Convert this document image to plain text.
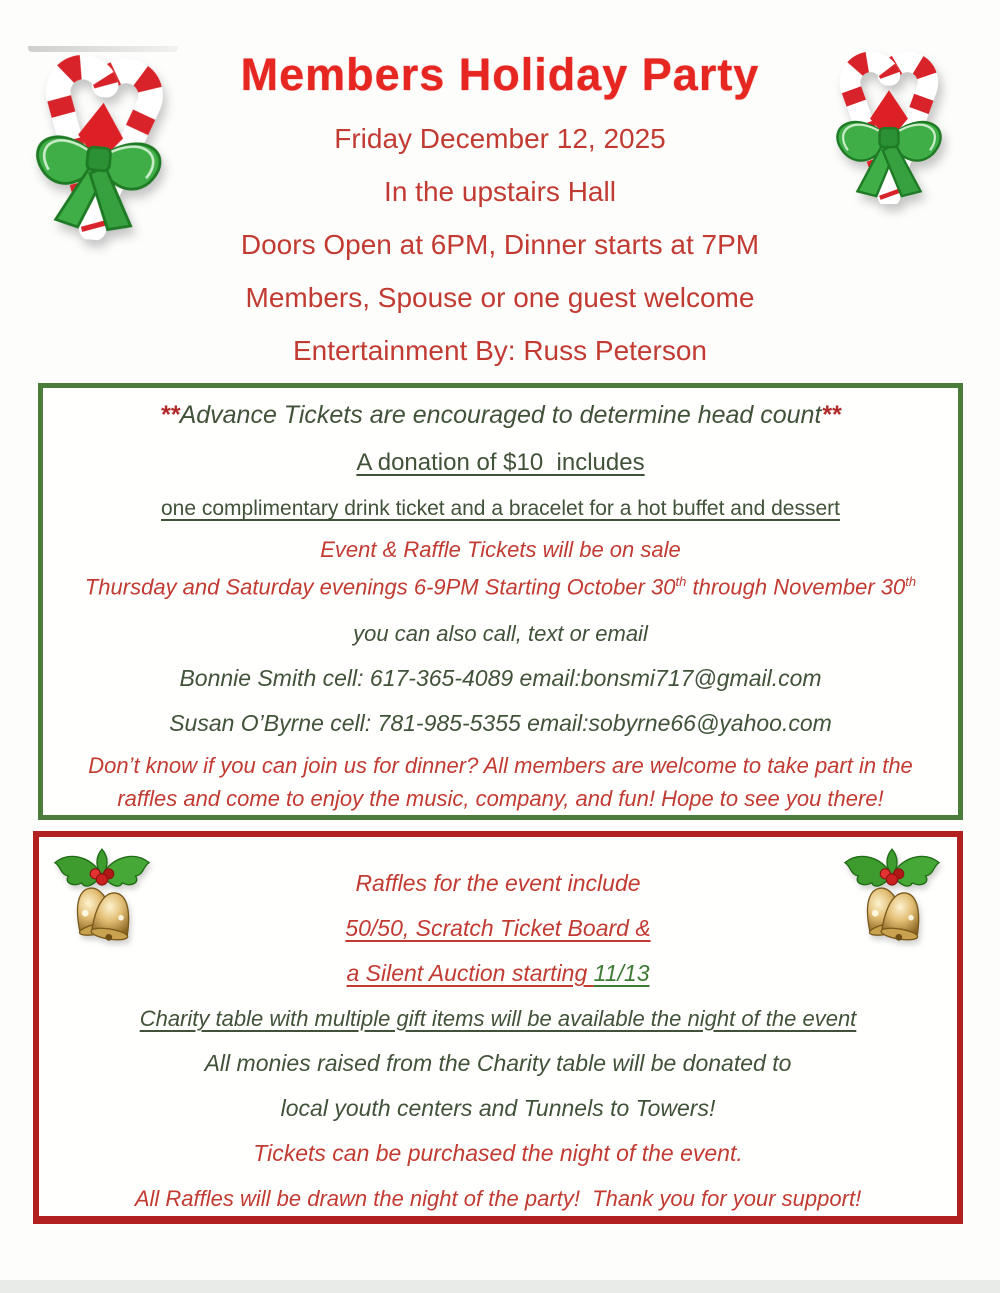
Members Holiday Party
Friday December 12, 2025
In the upstairs Hall
Doors Open at 6PM, Dinner starts at 7PM
Members, Spouse or one guest welcome
Entertainment By: Russ Peterson

**Advance Tickets are encouraged to determine head count**

A donation of $10  includes

one complimentary drink ticket and a bracelet for a hot buffet and dessert

Event & Raffle Tickets will be on sale

Thursday and Saturday evenings 6-9PM Starting October 30th through November 30th

you can also call, text or email

Bonnie Smith cell: 617-365-4089 email:bonsmi717@gmail.com

Susan O’Byrne cell: 781-985-5355 email:sobyrne66@yahoo.com

Don’t know if you can join us for dinner? All members are welcome to take part in the
raffles and come to enjoy the music, company, and fun! Hope to see you there!

Raffles for the event include

50/50, Scratch Ticket Board &

a Silent Auction starting 11/13

Charity table with multiple gift items will be available the night of the event

All monies raised from the Charity table will be donated to

local youth centers and Tunnels to Towers!

Tickets can be purchased the night of the event.

All Raffles will be drawn the night of the party!  Thank you for your support!
